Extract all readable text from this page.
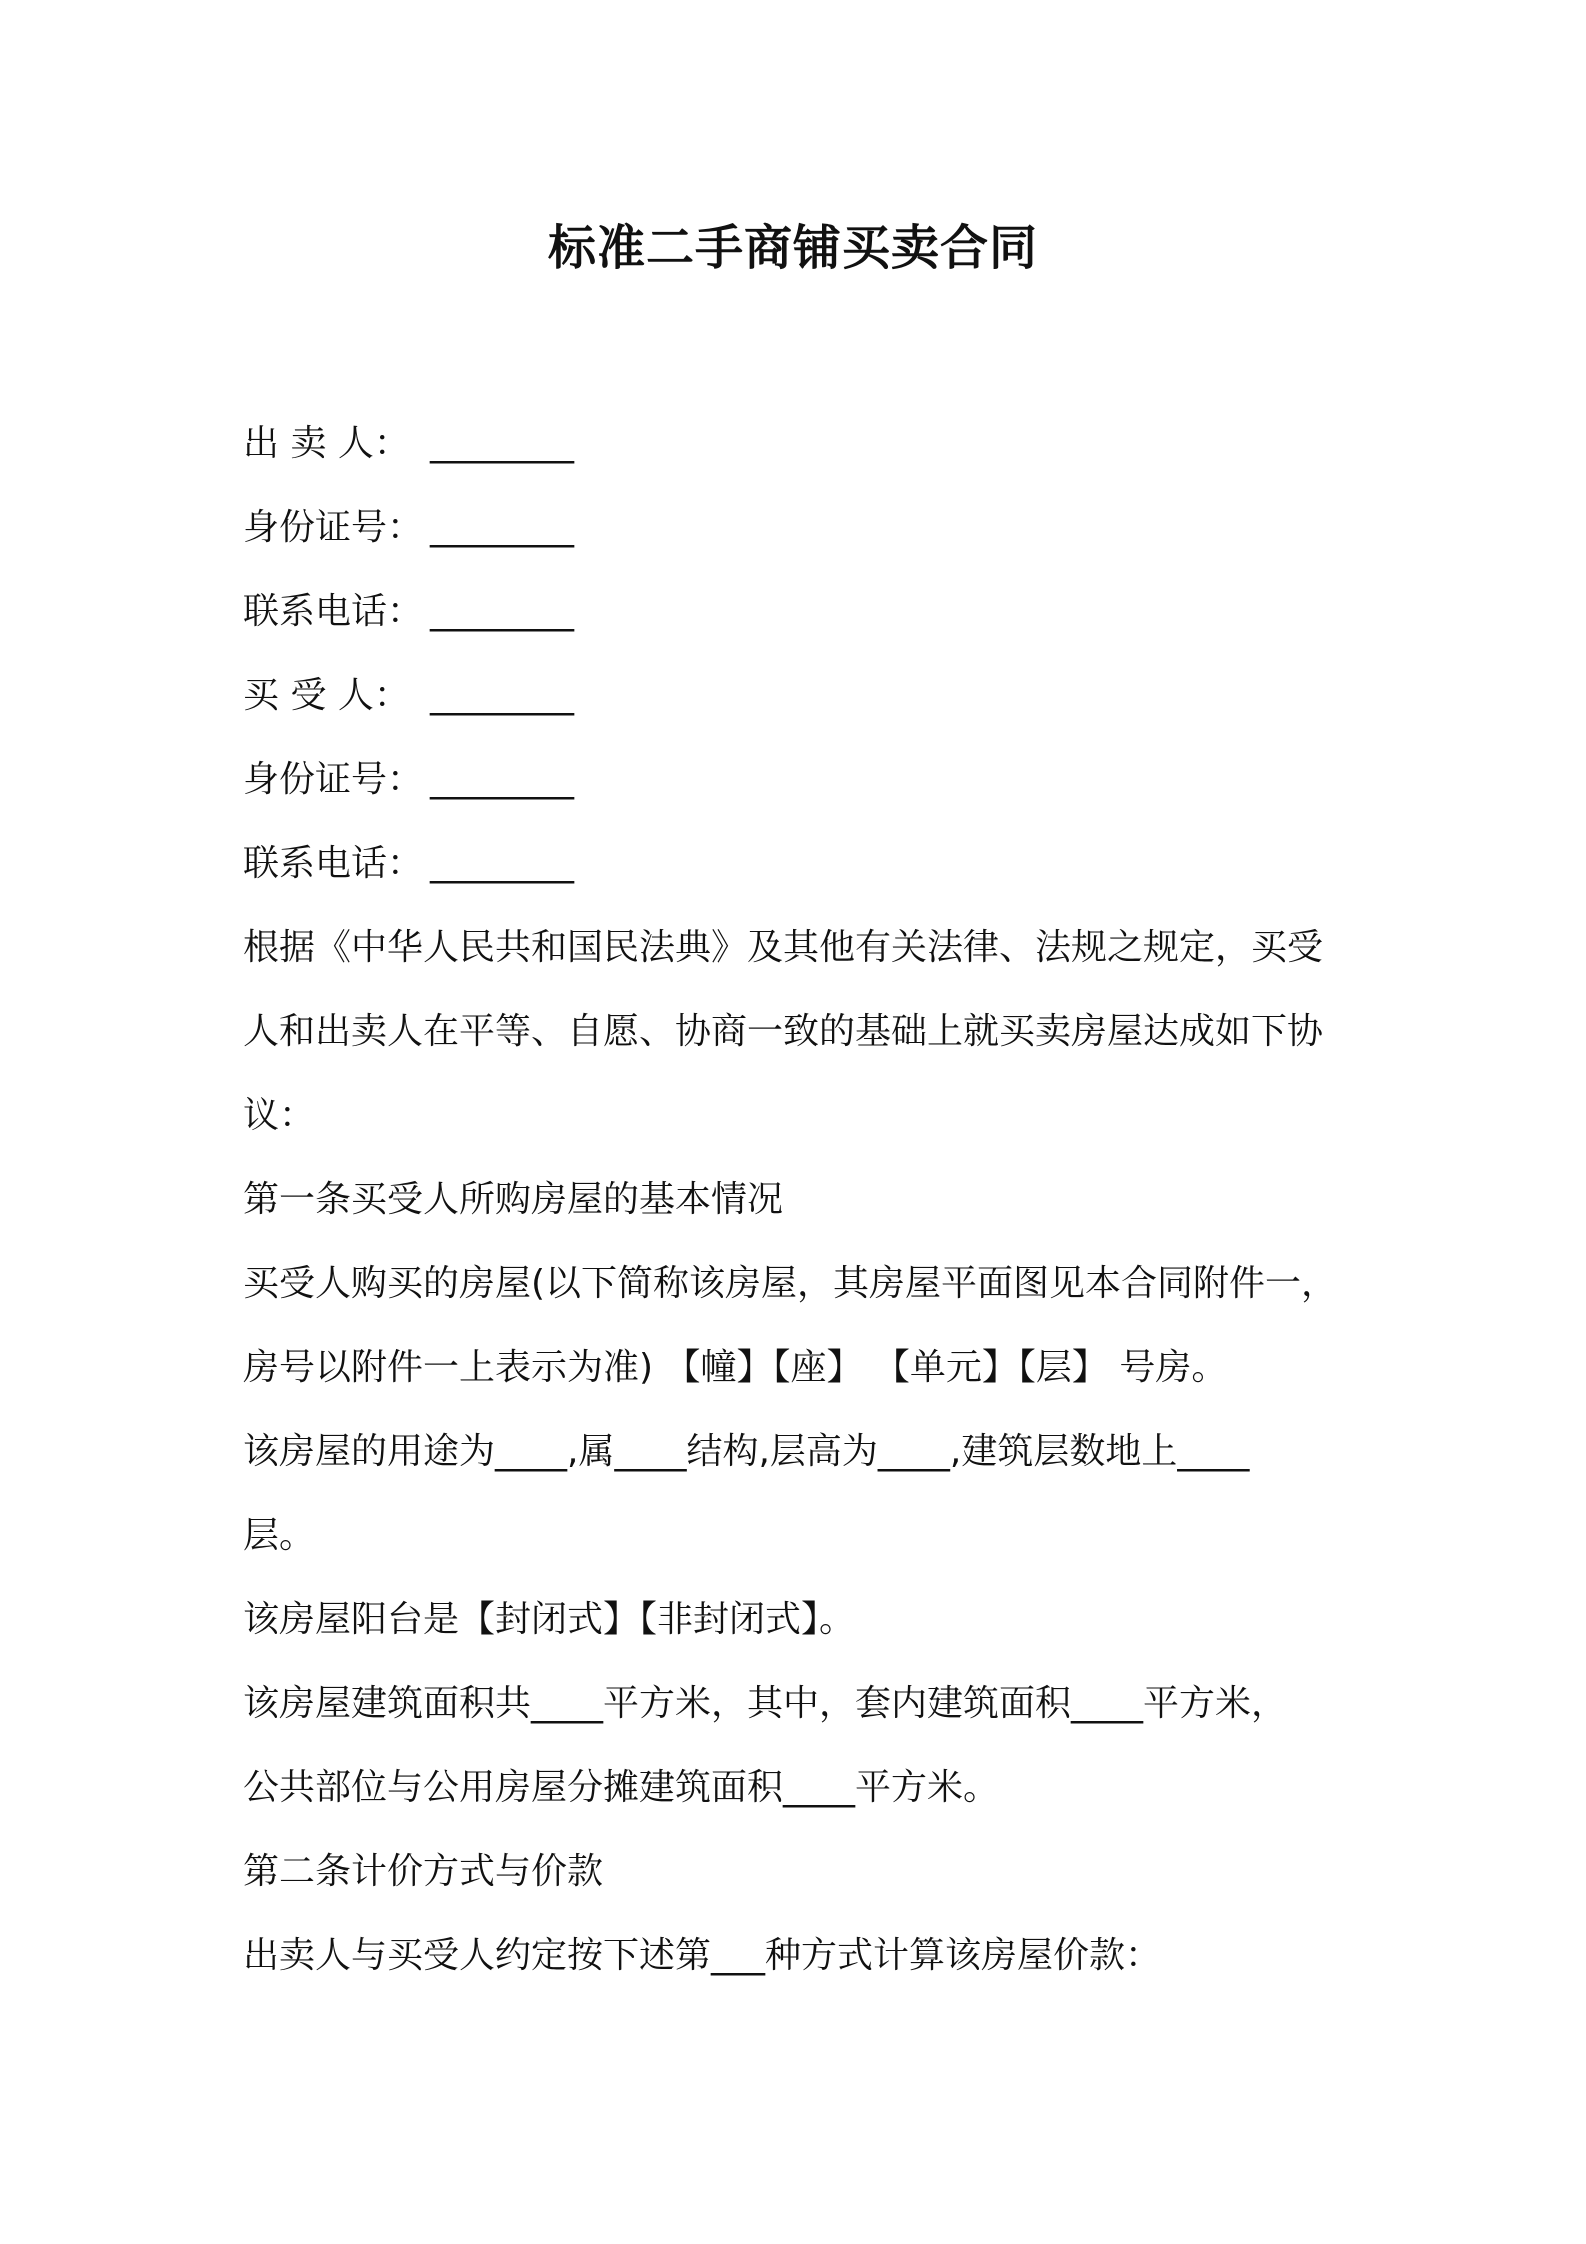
标准二手商铺买卖合同
出 卖 人： ________
身份证号： ________
联系电话： ________
买 受 人： ________
身份证号： ________
联系电话： ________
根据《中华人民共和国民法典》及其他有关法律、法规之规定，买受
人和出卖人在平等、自愿、协商一致的基础上就买卖房屋达成如下协
议：
第一条买受人所购房屋的基本情况
买受人购买的房屋(以下简称该房屋，其房屋平面图见本合同附件一，
房号以附件一上表示为准) 【幢】【座】 【单元】【层】 号房。
该房屋的用途为____,属____结构,层高为____,建筑层数地上____
层。
该房屋阳台是【封闭式】【非封闭式】。
该房屋建筑面积共____平方米，其中，套内建筑面积____平方米，
公共部位与公用房屋分摊建筑面积____平方米。
第二条计价方式与价款
出卖人与买受人约定按下述第___种方式计算该房屋价款：
